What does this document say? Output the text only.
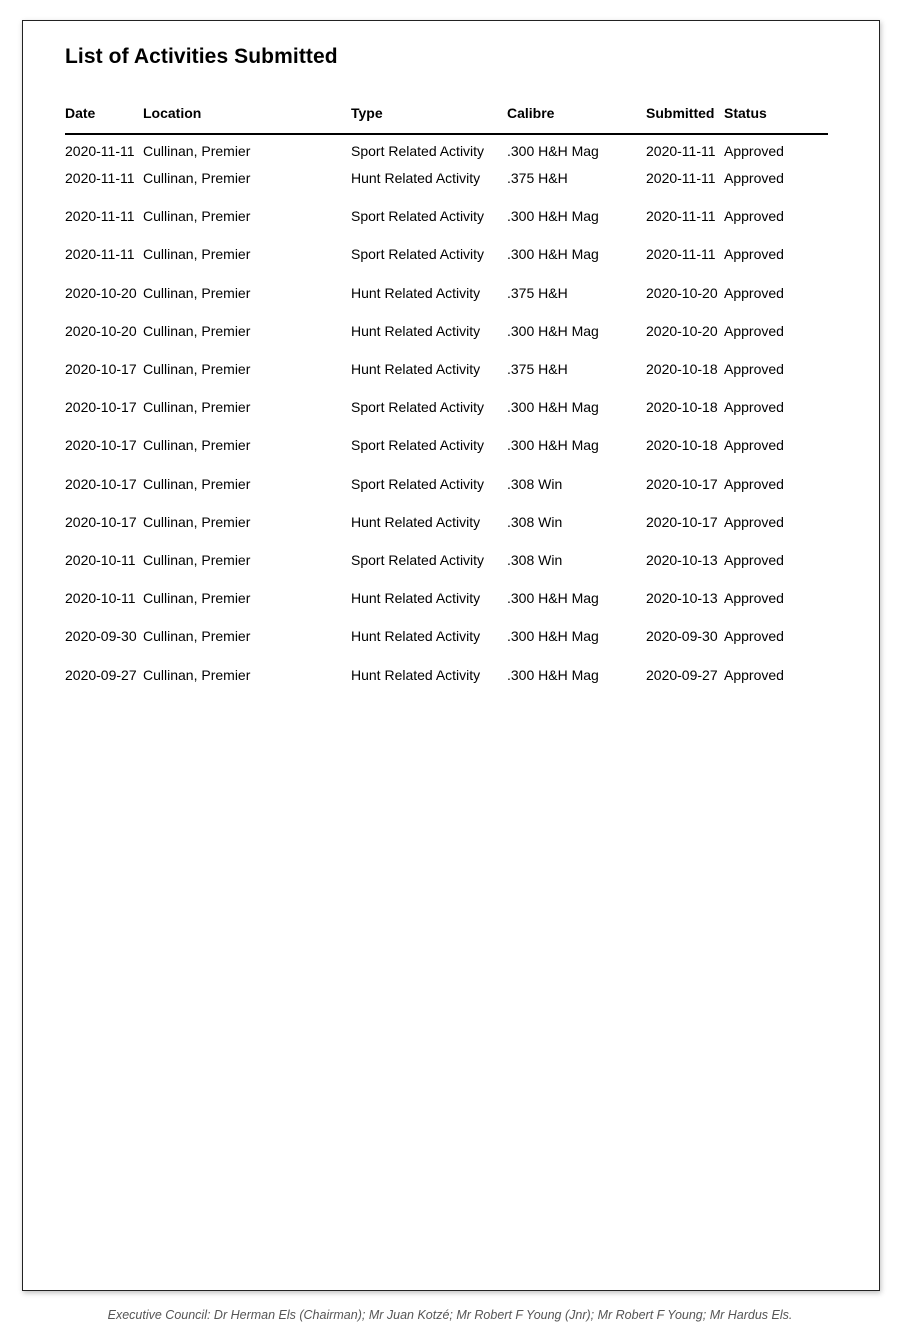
List of Activities Submitted
Date	Location	Type	Calibre	Submitted	Status
2020-11-11	Cullinan, Premier	Sport Related Activity	.300 H&H Mag	2020-11-11	Approved
2020-11-11	Cullinan, Premier	Hunt Related Activity	.375 H&H	2020-11-11	Approved
2020-11-11	Cullinan, Premier	Sport Related Activity	.300 H&H Mag	2020-11-11	Approved
2020-11-11	Cullinan, Premier	Sport Related Activity	.300 H&H Mag	2020-11-11	Approved
2020-10-20	Cullinan, Premier	Hunt Related Activity	.375 H&H	2020-10-20	Approved
2020-10-20	Cullinan, Premier	Hunt Related Activity	.300 H&H Mag	2020-10-20	Approved
2020-10-17	Cullinan, Premier	Hunt Related Activity	.375 H&H	2020-10-18	Approved
2020-10-17	Cullinan, Premier	Sport Related Activity	.300 H&H Mag	2020-10-18	Approved
2020-10-17	Cullinan, Premier	Sport Related Activity	.300 H&H Mag	2020-10-18	Approved
2020-10-17	Cullinan, Premier	Sport Related Activity	.308 Win	2020-10-17	Approved
2020-10-17	Cullinan, Premier	Hunt Related Activity	.308 Win	2020-10-17	Approved
2020-10-11	Cullinan, Premier	Sport Related Activity	.308 Win	2020-10-13	Approved
2020-10-11	Cullinan, Premier	Hunt Related Activity	.300 H&H Mag	2020-10-13	Approved
2020-09-30	Cullinan, Premier	Hunt Related Activity	.300 H&H Mag	2020-09-30	Approved
2020-09-27	Cullinan, Premier	Hunt Related Activity	.300 H&H Mag	2020-09-27	Approved
Executive Council: Dr Herman Els (Chairman); Mr Juan Kotzé; Mr Robert F Young (Jnr); Mr Robert F Young; Mr Hardus Els.
